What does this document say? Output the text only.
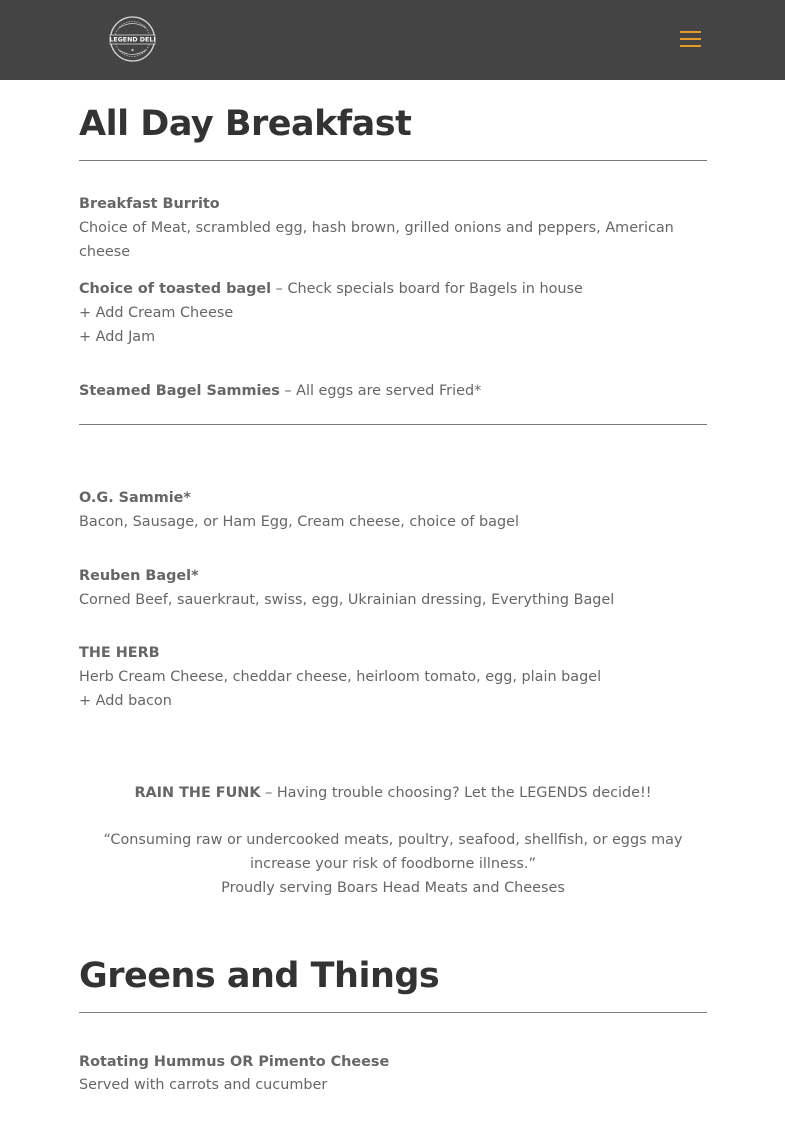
LEGEND DELI
All Day Breakfast
Breakfast Burrito
Choice of Meat, scrambled egg, hash brown, grilled onions and peppers, American cheese
Choice of toasted bagel – Check specials board for Bagels in house
+ Add Cream Cheese
+ Add Jam
Steamed Bagel Sammies – All eggs are served Fried*
O.G. Sammie*
Bacon, Sausage, or Ham Egg, Cream cheese, choice of bagel
Reuben Bagel*
Corned Beef, sauerkraut, swiss, egg, Ukrainian dressing, Everything Bagel
THE HERB
Herb Cream Cheese, cheddar cheese, heirloom tomato, egg, plain bagel
+ Add bacon
RAIN THE FUNK – Having trouble choosing? Let the LEGENDS decide!!
“Consuming raw or undercooked meats, poultry, seafood, shellfish, or eggs may increase your risk of foodborne illness.”
Proudly serving Boars Head Meats and Cheeses
Greens and Things
Rotating Hummus OR Pimento Cheese
Served with carrots and cucumber
